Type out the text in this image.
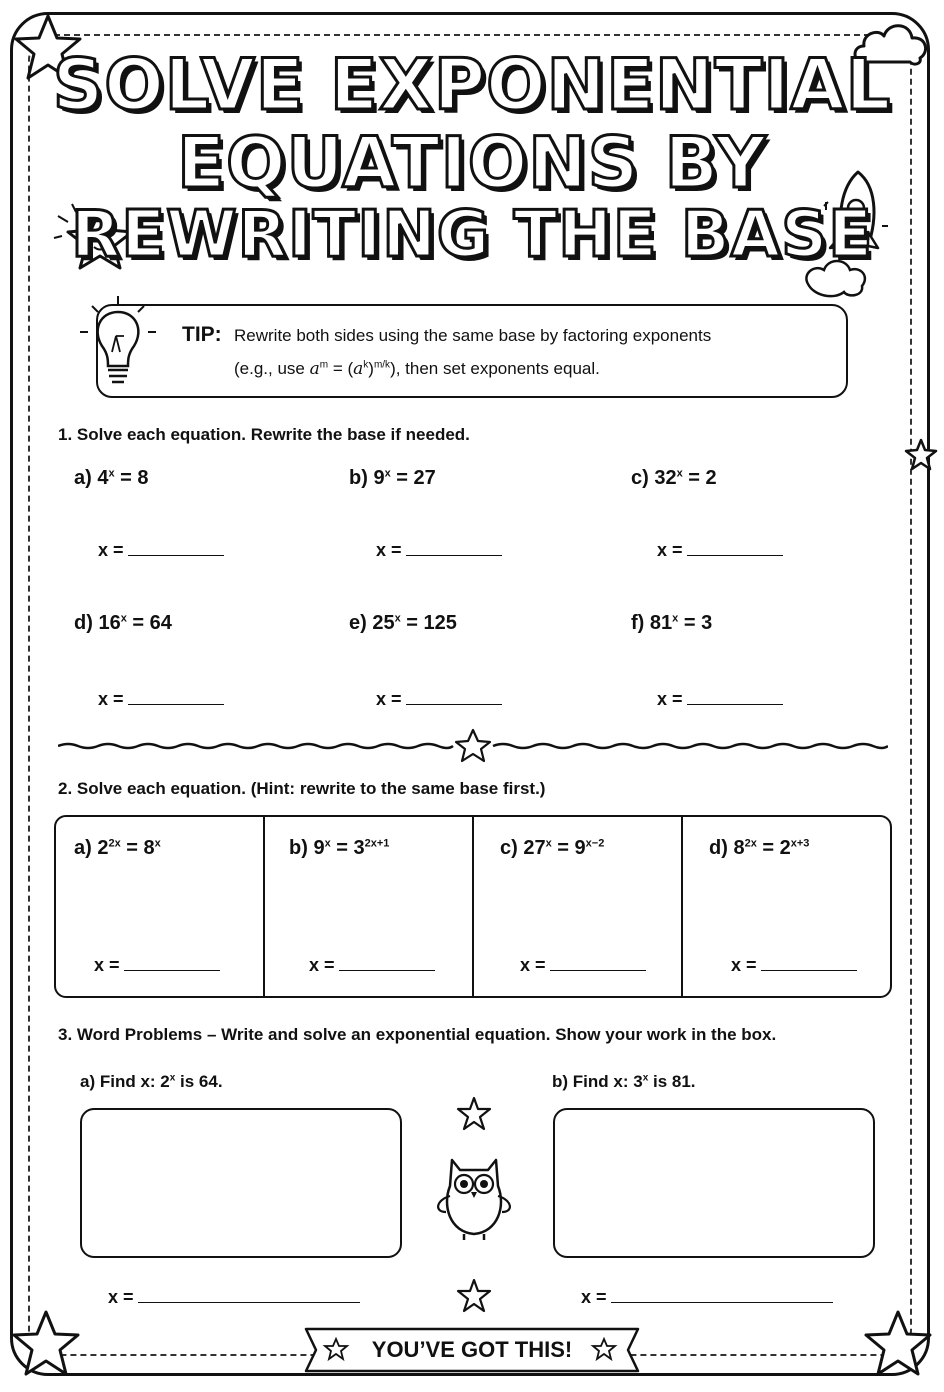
SOLVE EXPONENTIAL
EQUATIONS BY
REWRITING THE BASE
TIP: Rewrite both sides using the same base by factoring exponents
(e.g., use $a^m = (a^k)^{m/k}$), then set exponents equal.
1. Solve each equation. Rewrite the base if needed.
a) $4^x = 8$	b) $9^x = 27$	c) $32^x = 2$
x =	x =	x =
d) $16^x = 64$	e) $25^x = 125$	f) $81^x = 3$
x =	x =	x =
2. Solve each equation. (Hint: rewrite to the same base first.)
a) $2^{2x} = 8^x$
x =
b) $9^x = 3^{2x+1}$
x =
c) $27^x = 9^{x-2}$
x =
d) $8^{2x} = 2^{x+3}$
x =
3. Word Problems – Write and solve an exponential equation. Show your work in the box.
a) Find x: 2$^x$ is 64.	b) Find x: 3$^x$ is 81.
x =	x =
YOU’VE GOT THIS!
